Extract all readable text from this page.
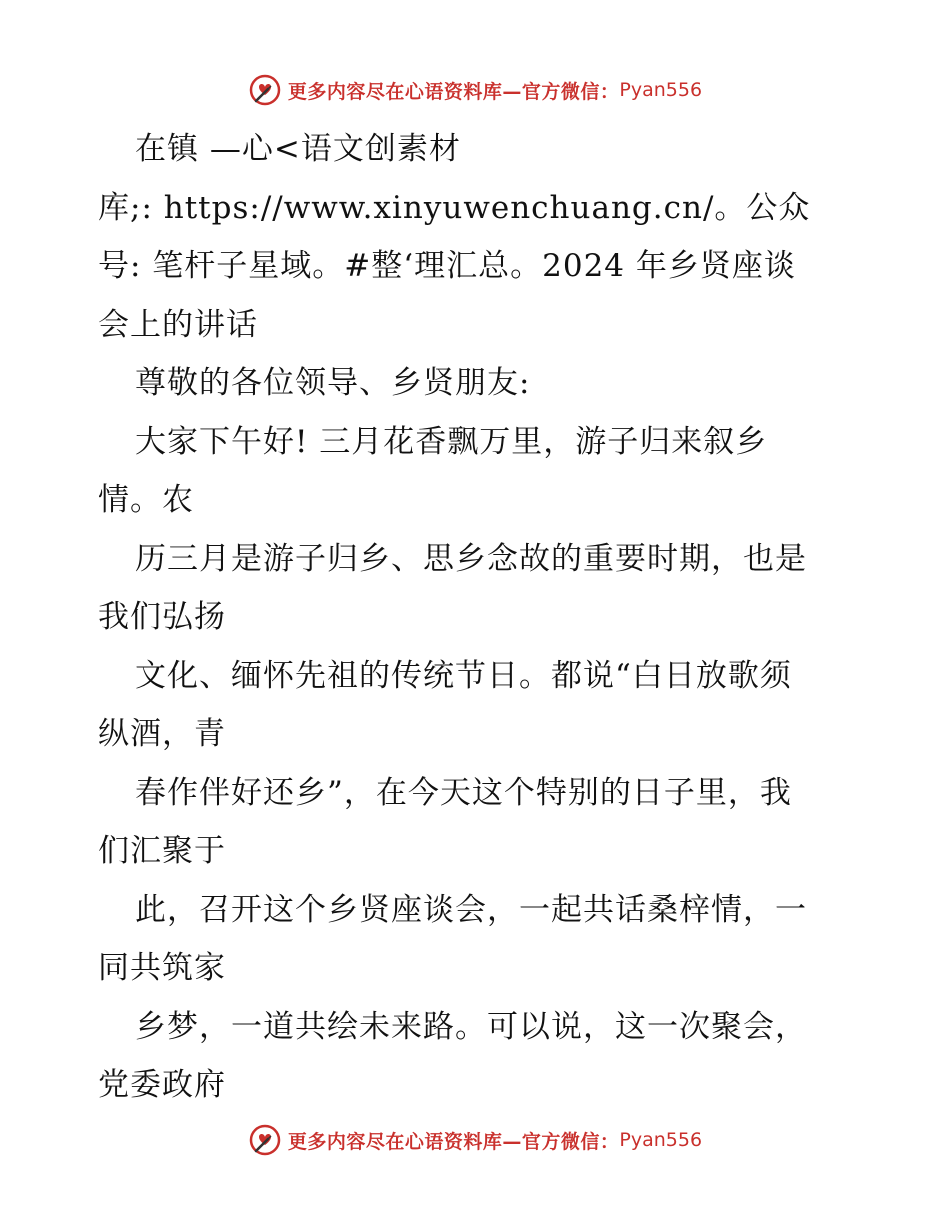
更多内容尽在心语资料库—官方微信： Pyan556
在镇 —心<语文创素材
库;: https://www.xinyuwenchuang.cn/。公众
号: 笔杆子星域。#整‘理汇总。2024 年乡贤座谈
会上的讲话
尊敬的各位领导、乡贤朋友:
大家下午好! 三月花香飘万里，游子归来叙乡
情。农
历三月是游子归乡、思乡念故的重要时期，也是
我们弘扬
文化、缅怀先祖的传统节日。都说“白日放歌须
纵酒，青
春作伴好还乡”，在今天这个特别的日子里，我
们汇聚于
此，召开这个乡贤座谈会，一起共话桑梓情，一
同共筑家
乡梦，一道共绘未来路。可以说，这一次聚会，
党委政府
更多内容尽在心语资料库—官方微信： Pyan556
